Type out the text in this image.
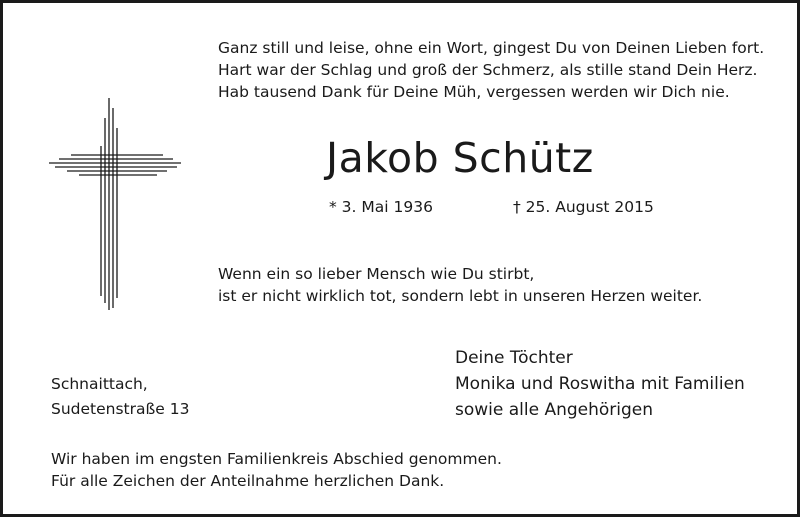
Ganz still und leise, ohne ein Wort, gingest Du von Deinen Lieben fort.
Hart war der Schlag und groß der Schmerz, als stille stand Dein Herz.
Hab tausend Dank für Deine Müh, vergessen werden wir Dich nie.
Jakob Schütz
* 3. Mai 1936	† 25. August 2015
Wenn ein so lieber Mensch wie Du stirbt,
ist er nicht wirklich tot, sondern lebt in unseren Herzen weiter.
Deine Töchter
Monika und Roswitha mit Familien
sowie alle Angehörigen
Schnaittach,
Sudetenstraße 13
Wir haben im engsten Familienkreis Abschied genommen.
Für alle Zeichen der Anteilnahme herzlichen Dank.
